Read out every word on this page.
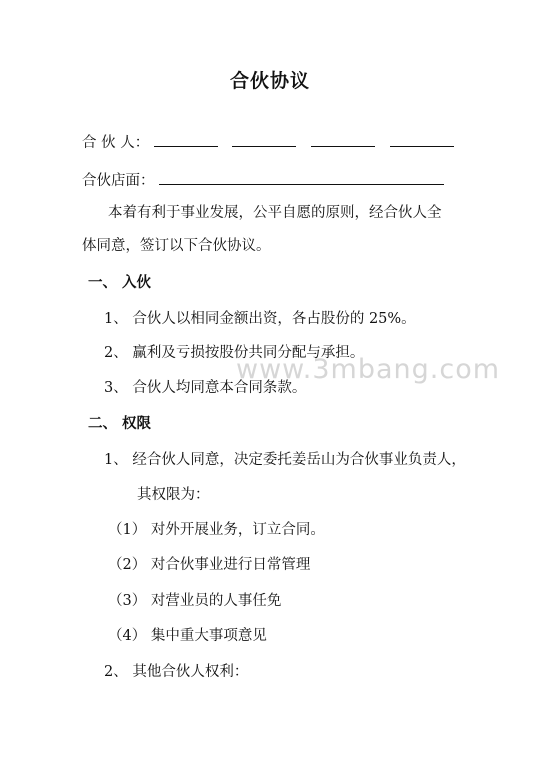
合伙协议
合 伙 人：
合伙店面：
本着有利于事业发展，公平自愿的原则，经合伙人全
体同意，签订以下合伙协议。
一、 入伙
1、 合伙人以相同金额出资，各占股份的 25%。
2、 赢利及亏损按股份共同分配与承担。
3、 合伙人均同意本合同条款。
二、 权限
1、 经合伙人同意，决定委托姜岳山为合伙事业负责人，
其权限为：
（1） 对外开展业务，订立合同。
（2） 对合伙事业进行日常管理
（3） 对营业员的人事任免
（4） 集中重大事项意见
2、 其他合伙人权利：
www.3mbang.com
